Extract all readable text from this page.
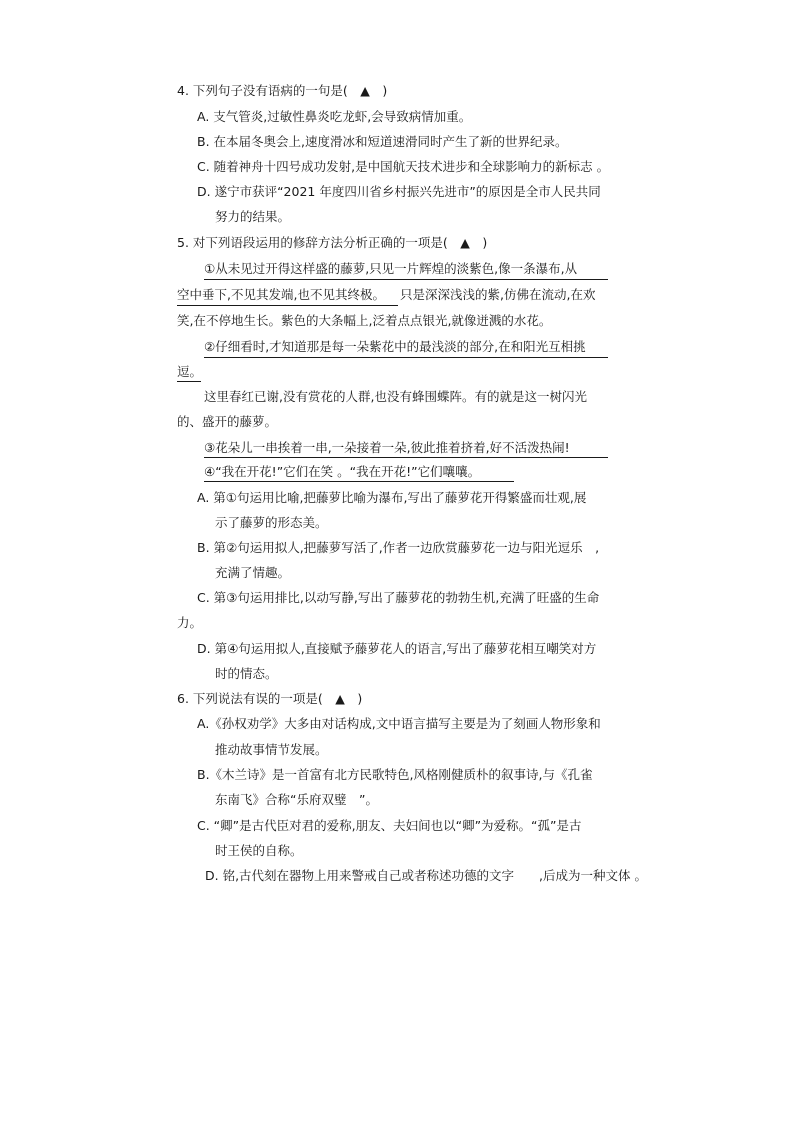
4. 下列句子没有语病的一句是(　▲　)
A. 支气管炎,过敏性鼻炎吃龙虾,会导致病情加重。
B. 在本届冬奥会上,速度滑冰和短道速滑同时产生了新的世界纪录。
C. 随着神舟十四号成功发射,是中国航天技术进步和全球影响力的新标志 。
D. 遂宁市获评“2021 年度四川省乡村振兴先进市”的原因是全市人民共同
努力的结果。
5. 对下列语段运用的修辞方法分析正确的一项是(　▲　)
①从未见过开得这样盛的藤萝,只见一片辉煌的淡紫色,像一条瀑布,从
空中垂下,不见其发端,也不见其终极。 只是深深浅浅的紫,仿佛在流动,在欢
笑,在不停地生长。紫色的大条幅上,泛着点点银光,就像迸溅的水花。
②仔细看时,才知道那是每一朵紫花中的最浅淡的部分,在和阳光互相挑
逗。
这里春红已谢,没有赏花的人群,也没有蜂围蝶阵。有的就是这一树闪光
的、盛开的藤萝。
③花朵儿一串挨着一串,一朵接着一朵,彼此推着挤着,好不活泼热闹!
④“我在开花!”它们在笑 。“我在开花!”它们嚷嚷。
A. 第①句运用比喻,把藤萝比喻为瀑布,写出了藤萝花开得繁盛而壮观,展
示了藤萝的形态美。
B. 第②句运用拟人,把藤萝写活了,作者一边欣赏藤萝花一边与阳光逗乐　,
充满了情趣。
C. 第③句运用排比,以动写静,写出了藤萝花的勃勃生机,充满了旺盛的生命
力。
D. 第④句运用拟人,直接赋予藤萝花人的语言,写出了藤萝花相互嘲笑对方
时的情态。
6. 下列说法有误的一项是(　▲　)
A.《孙权劝学》大多由对话构成,文中语言描写主要是为了刻画人物形象和
推动故事情节发展。
B.《木兰诗》是一首富有北方民歌特色,风格刚健质朴的叙事诗,与《孔雀
东南飞》合称“乐府双璧　”。
C. “卿”是古代臣对君的爱称,朋友、夫妇间也以“卿”为爱称。“孤”是古
时王侯的自称。
D. 铭,古代刻在器物上用来警戒自己或者称述功德的文字　　,后成为一种文体 。
